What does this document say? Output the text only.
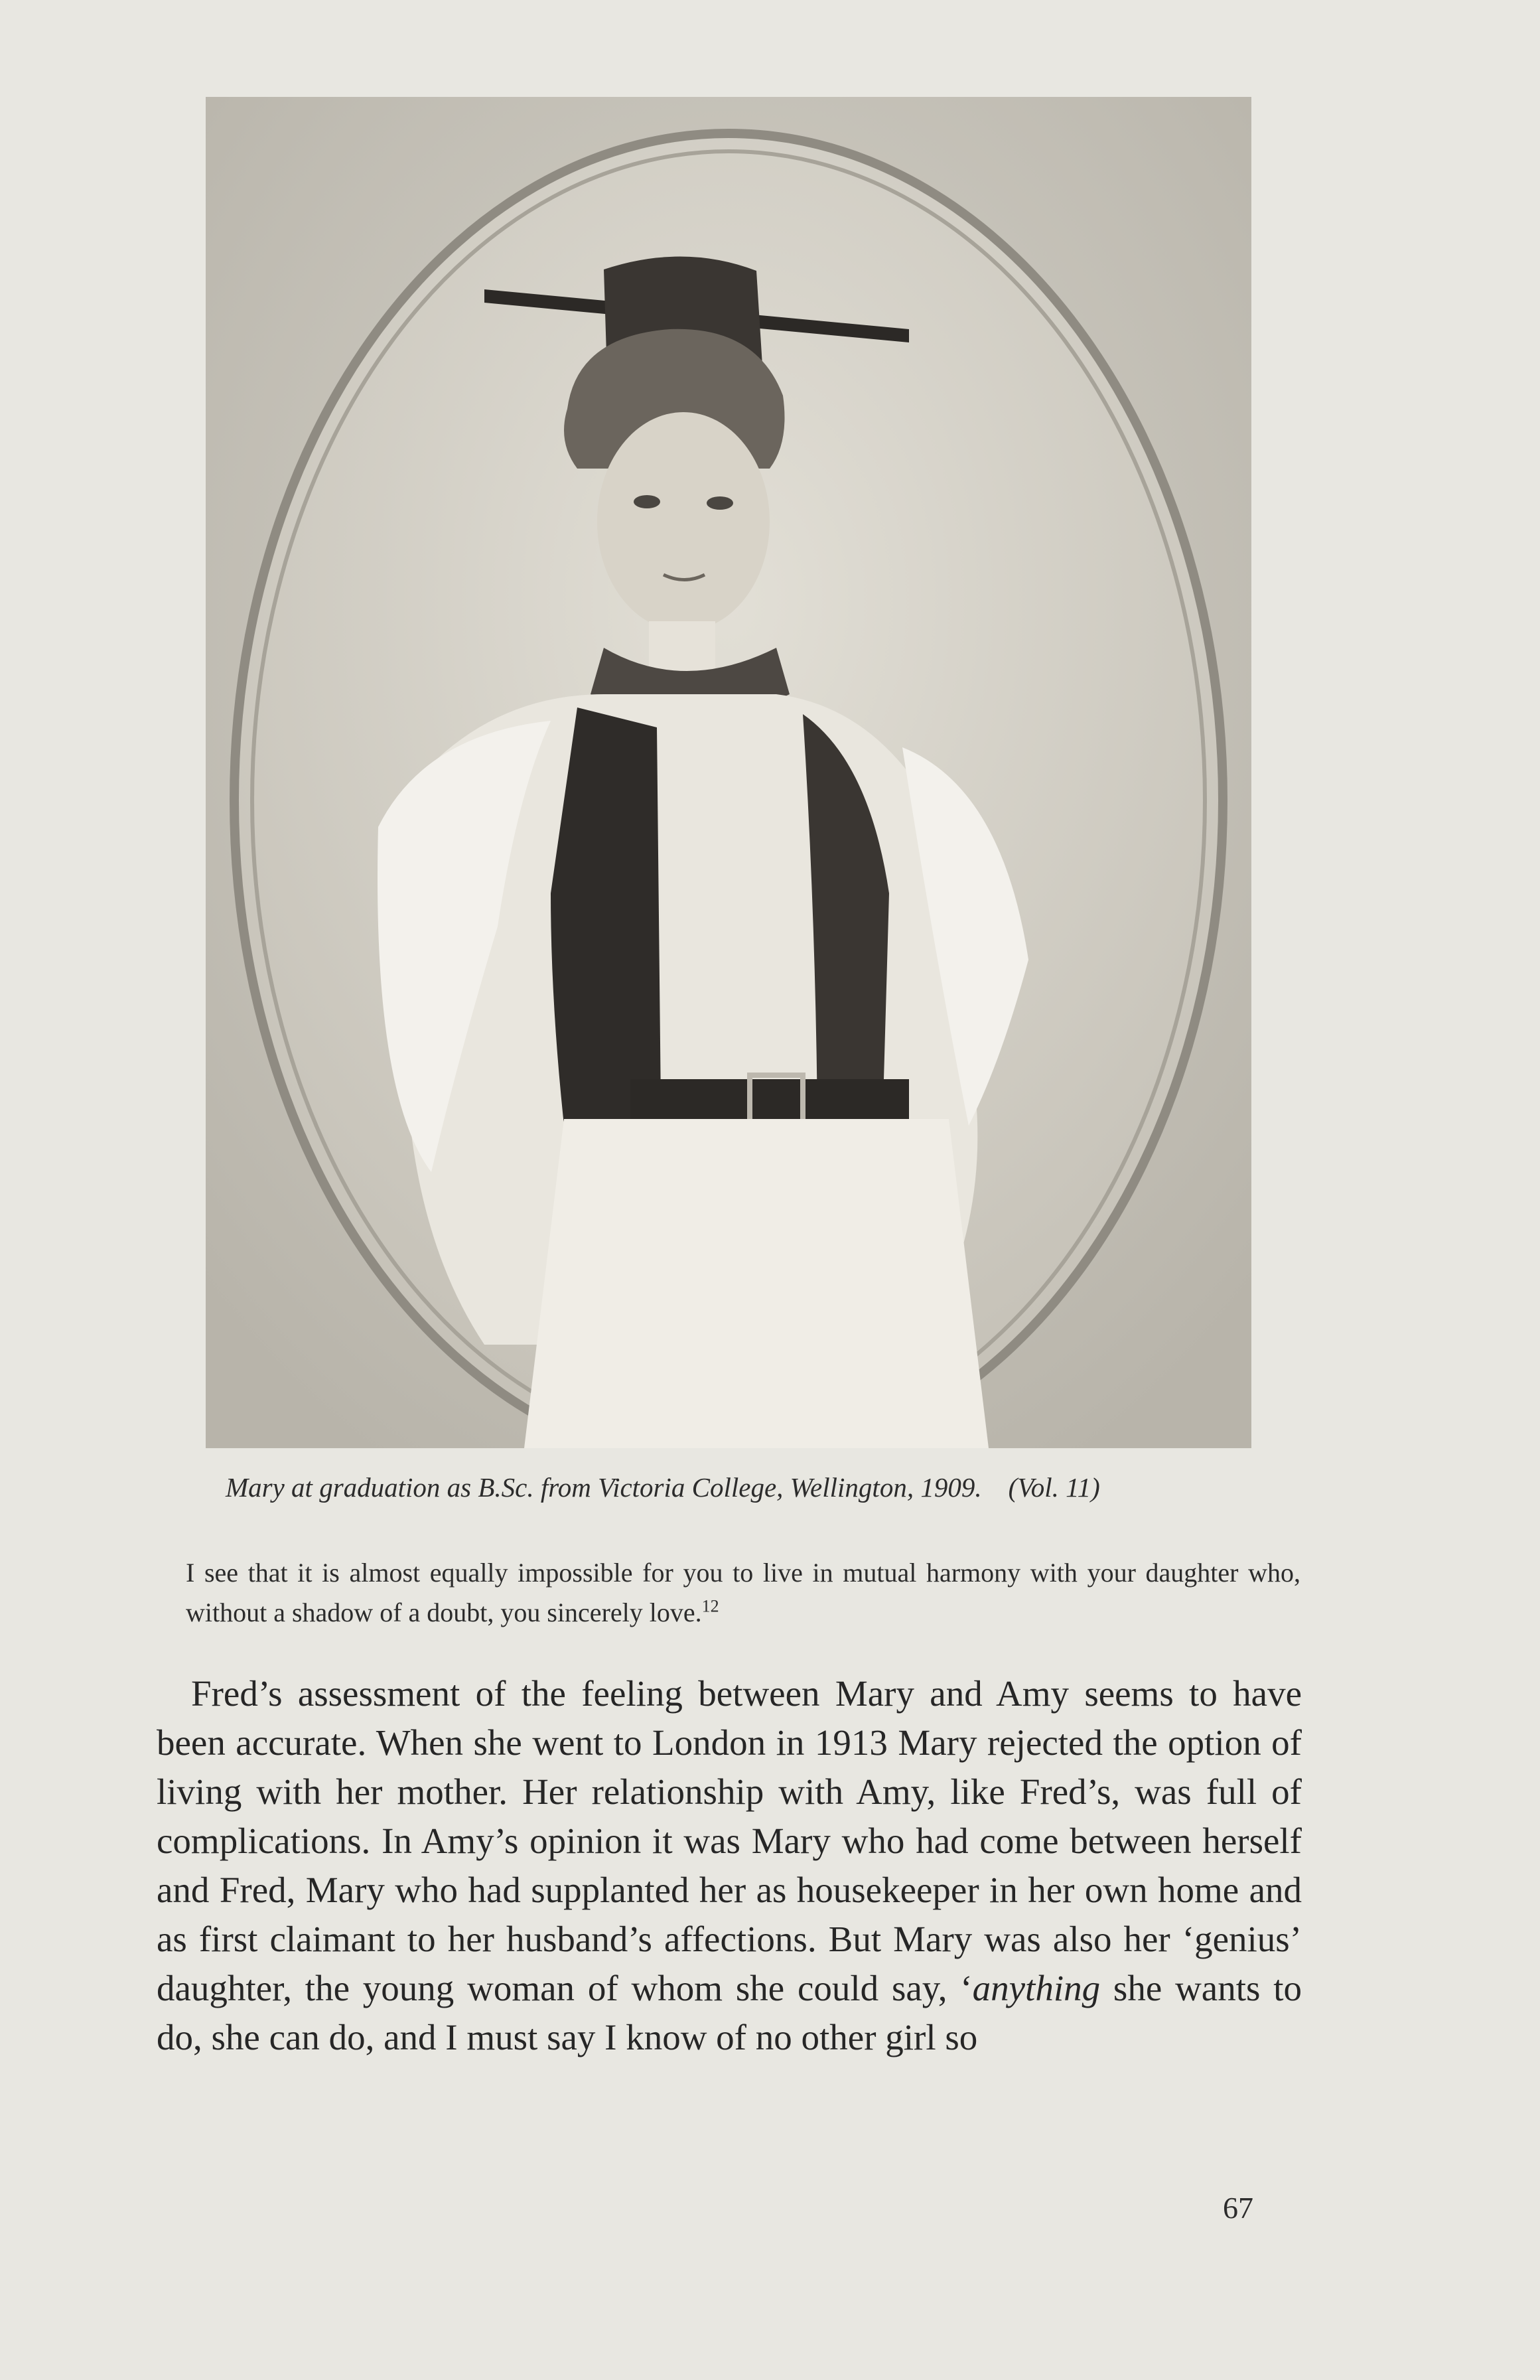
Mary at graduation as B.Sc. from Victoria College, Wellington, 1909. (Vol. 11)

I see that it is almost equally impossible for you to live in mutual harmony with your daughter who, without a shadow of a doubt, you sincerely love.$^{12}$

Fred’s assessment of the feeling between Mary and Amy seems to have been accurate. When she went to London in 1913 Mary rejected the option of living with her mother. Her relationship with Amy, like Fred’s, was full of complications. In Amy’s opinion it was Mary who had come between herself and Fred, Mary who had supplanted her as housekeeper in her own home and as first claimant to her husband’s affections. But Mary was also her ‘genius’ daughter, the young woman of whom she could say, ‘anything she wants to do, she can do, and I must say I know of no other girl so

67
